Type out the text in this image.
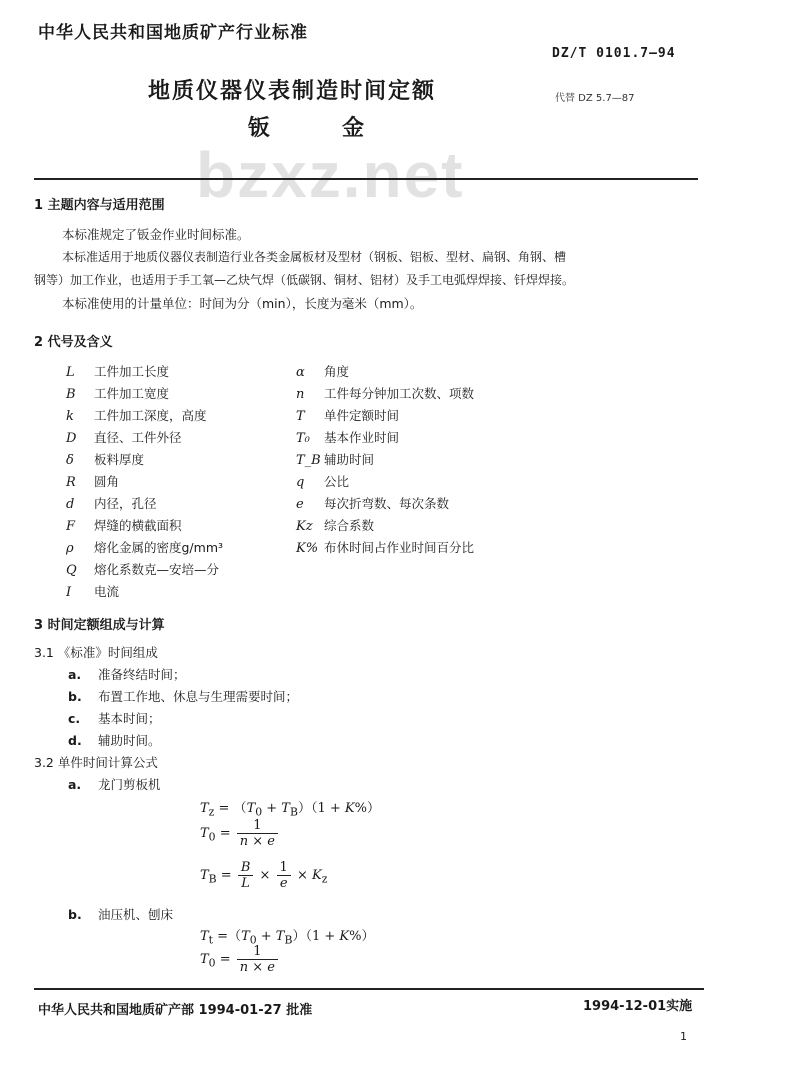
中华人民共和国地质矿产行业标准
DZ/T 0101.7—94
代替 DZ 5.7—87
地质仪器仪表制造时间定额
钣	金
bzxz.net
1 主题内容与适用范围
本标准规定了钣金作业时间标准。
本标准适用于地质仪器仪表制造行业各类金属板材及型材（钢板、铝板、型材、扁钢、角钢、槽
钢等）加工作业，也适用于手工氧—乙炔气焊（低碳钢、铜材、铝材）及手工电弧焊焊接、钎焊焊接。
本标准使用的计量单位：时间为分（min），长度为毫米（mm）。
2 代号及含义
L 工件加工长度
B 工件加工宽度
k 工件加工深度，高度
D 直径、工件外径
δ 板料厚度
R 圆角
d 内径，孔径
F 焊缝的横截面积
ρ 熔化金属的密度g/mm³
Q 熔化系数克—安培—分
I 电流
α 角度
n 工件每分钟加工次数、项数
T 单件定额时间
T₀ 基本作业时间
T_B 辅助时间
q 公比
e 每次折弯数、每次条数
Kz 综合系数
K% 布休时间占作业时间百分比
3 时间定额组成与计算
3.1 《标准》时间组成
a. 准备终结时间；
b. 布置工作地、休息与生理需要时间；
c. 基本时间；
d. 辅助时间。
3.2 单件时间计算公式
a. 龙门剪板机
$T_z = (T_0 + T_B)(1 + K\%)$
$T_0 = \frac{1}{n \times e}$
$T_B = \frac{B}{L} \times \frac{1}{e} \times K_z$
b. 油压机、刨床
$T_t =(T_0 + T_B)(1 + K\%)$
$T_0 = \frac{1}{n \times e}$
中华人民共和国地质矿产部 1994-01-27 批准	1994-12-01实施
1
